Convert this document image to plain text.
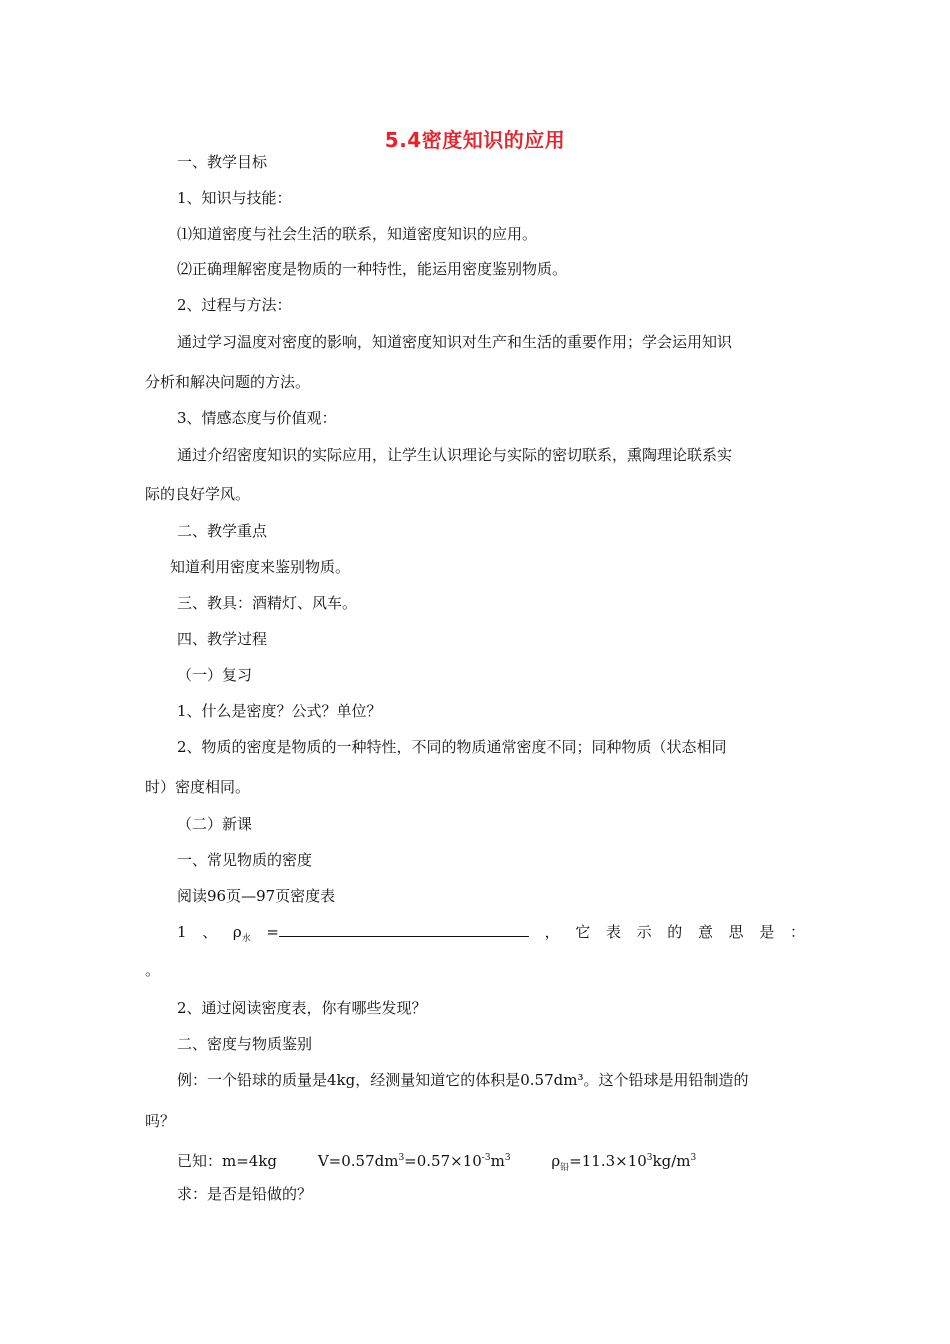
5.4密度知识的应用
一、教学目标
1、知识与技能：
⑴知道密度与社会生活的联系，知道密度知识的应用。
⑵正确理解密度是物质的一种特性，能运用密度鉴别物质。
2、过程与方法：
通过学习温度对密度的影响，知道密度知识对生产和生活的重要作用；学会运用知识
分析和解决问题的方法。
3、情感态度与价值观：
通过介绍密度知识的实际应用，让学生认识理论与实际的密切联系，熏陶理论联系实
际的良好学风。
二、教学重点
知道利用密度来鉴别物质。
三、教具：酒精灯、风车。
四、教学过程
（一）复习
1、什么是密度？公式？单位？
2、物质的密度是物质的一种特性，不同的物质通常密度不同；同种物质（状态相同
时）密度相同。
（二）新课
一、常见物质的密度
阅读96页—97页密度表
1 、 $\rho_水$ =	， 它 表 示 的 意 思 是 ：
。
2、通过阅读密度表，你有哪些发现？
二、密度与物质鉴别
例：一个铅球的质量是4kg，经测量知道它的体积是0.57dm³。这个铅球是用铅制造的
吗？
已知：m=4kg	$V=0.57dm^3=0.57\times 10^{-3}m^3$	$\rho_铅=11.3\times 10^3kg/m^3$
求：是否是铅做的？
